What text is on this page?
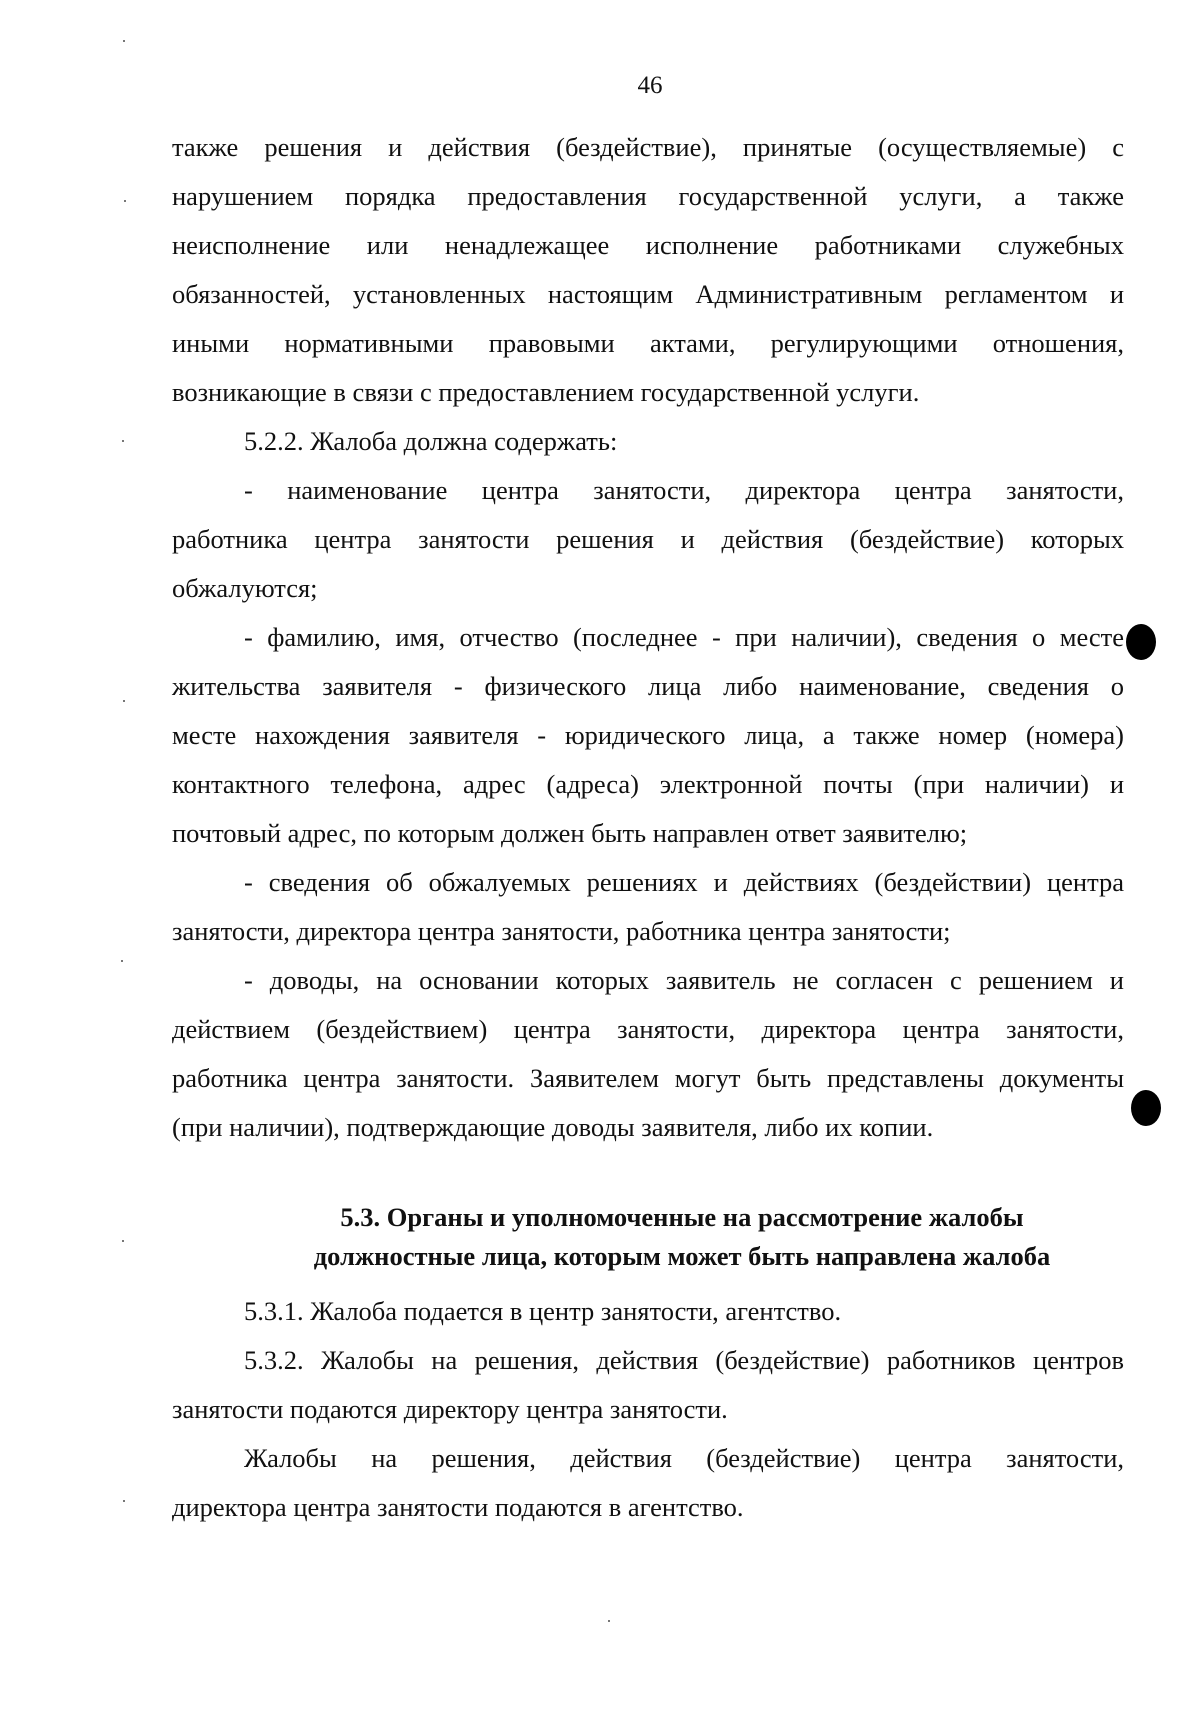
46
также решения и действия (бездействие), принятые (осуществляемые) с
нарушением порядка предоставления государственной услуги, а также
неисполнение или ненадлежащее исполнение работниками служебных
обязанностей, установленных настоящим Административным регламентом и
иными нормативными правовыми актами, регулирующими отношения,
возникающие в связи с предоставлением государственной услуги.
5.2.2. Жалоба должна содержать:
- наименование центра занятости, директора центра занятости,
работника центра занятости решения и действия (бездействие) которых
обжалуются;
- фамилию, имя, отчество (последнее - при наличии), сведения о месте
жительства заявителя - физического лица либо наименование, сведения о
месте нахождения заявителя - юридического лица, а также номер (номера)
контактного телефона, адрес (адреса) электронной почты (при наличии) и
почтовый адрес, по которым должен быть направлен ответ заявителю;
- сведения об обжалуемых решениях и действиях (бездействии) центра
занятости, директора центра занятости, работника центра занятости;
- доводы, на основании которых заявитель не согласен с решением и
действием (бездействием) центра занятости, директора центра занятости,
работника центра занятости. Заявителем могут быть представлены документы
(при наличии), подтверждающие доводы заявителя, либо их копии.
5.3. Органы и уполномоченные на рассмотрение жалобы
должностные лица, которым может быть направлена жалоба
5.3.1. Жалоба подается в центр занятости, агентство.
5.3.2. Жалобы на решения, действия (бездействие) работников центров
занятости подаются директору центра занятости.
Жалобы на решения, действия (бездействие) центра занятости,
директора центра занятости подаются в агентство.
